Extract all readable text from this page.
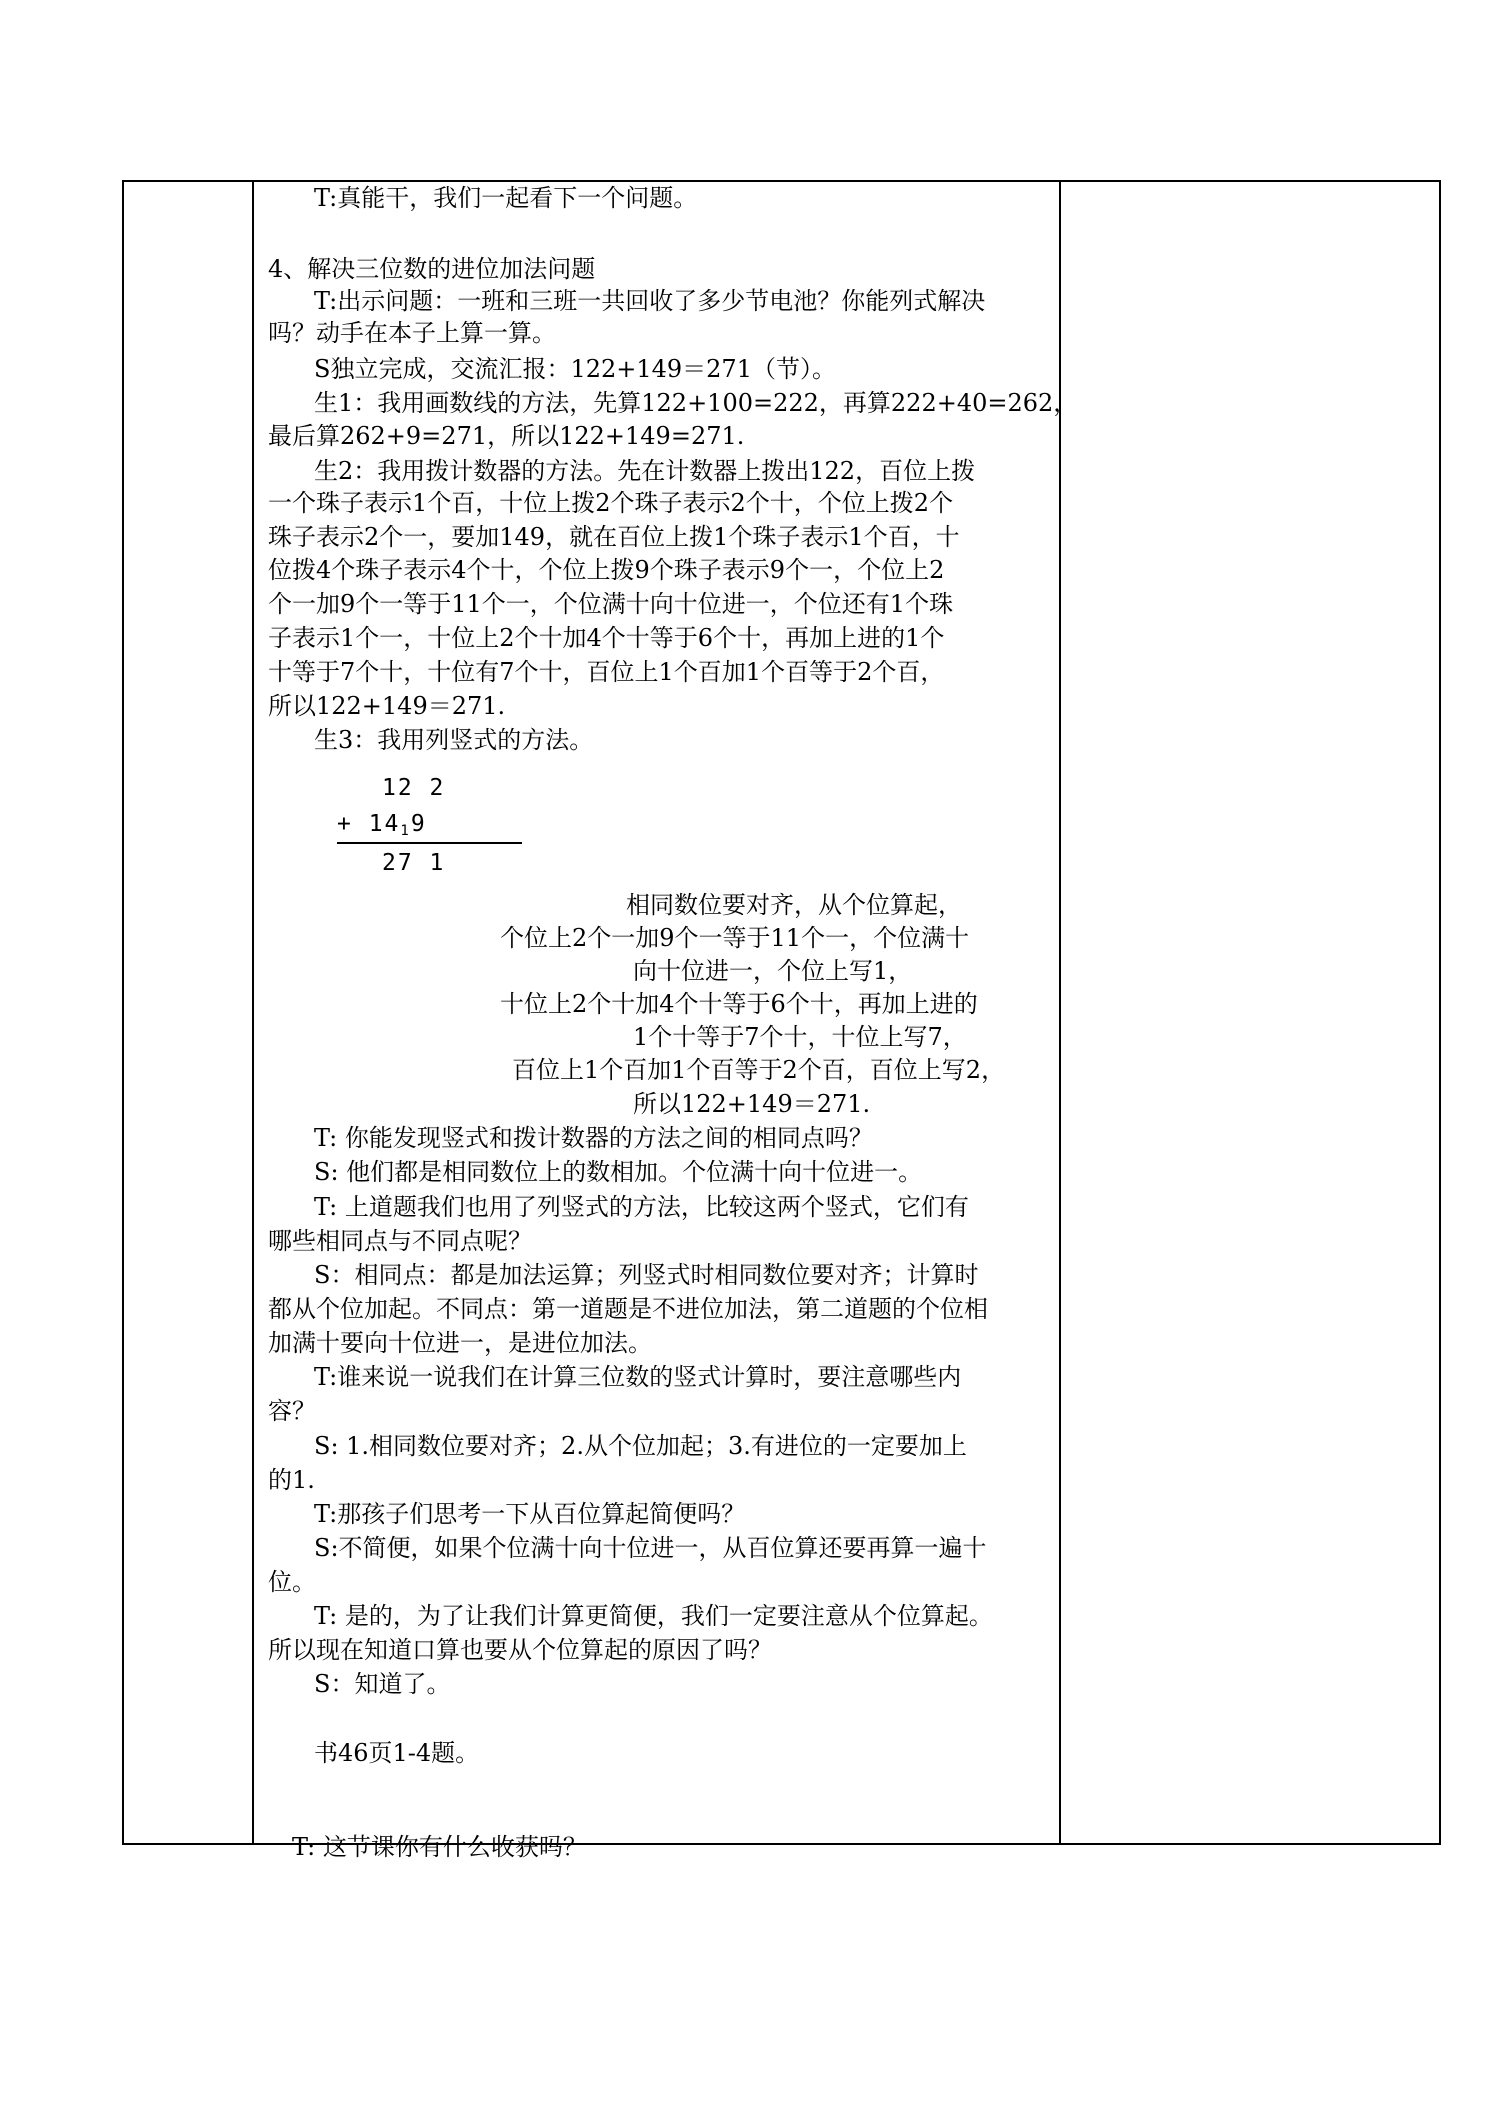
T:真能干，我们一起看下一个问题。
4、解决三位数的进位加法问题
T:出示问题：一班和三班一共回收了多少节电池？你能列式解决
吗？动手在本子上算一算。
S独立完成，交流汇报：122+149＝271（节）。
生1：我用画数线的方法，先算122+100=222，再算222+40=262，
最后算262+9=271，所以122+149=271.
生2：我用拨计数器的方法。先在计数器上拨出122，百位上拨
一个珠子表示1个百，十位上拨2个珠子表示2个十，个位上拨2个
珠子表示2个一，要加149，就在百位上拨1个珠子表示1个百，十
位拨4个珠子表示4个十，个位上拨9个珠子表示9个一，个位上2
个一加9个一等于11个一，个位满十向十位进一，个位还有1个珠
子表示1个一，十位上2个十加4个十等于6个十，再加上进的1个
十等于7个十，十位有7个十，百位上1个百加1个百等于2个百，
所以122+149＝271.
生3：我用列竖式的方法。
12 2
+ $14_19$
27 1
相同数位要对齐，从个位算起，
个位上2个一加9个一等于11个一，个位满十
向十位进一，个位上写1，
十位上2个十加4个十等于6个十，再加上进的
1个十等于7个十，十位上写7，
百位上1个百加1个百等于2个百，百位上写2，
所以122+149＝271.
T: 你能发现竖式和拨计数器的方法之间的相同点吗？
S: 他们都是相同数位上的数相加。个位满十向十位进一。
T: 上道题我们也用了列竖式的方法，比较这两个竖式，它们有
哪些相同点与不同点呢？
S：相同点：都是加法运算；列竖式时相同数位要对齐；计算时
都从个位加起。不同点：第一道题是不进位加法，第二道题的个位相
加满十要向十位进一，是进位加法。
T:谁来说一说我们在计算三位数的竖式计算时，要注意哪些内
容？
S: 1.相同数位要对齐；2.从个位加起；3.有进位的一定要加上
的1.
T:那孩子们思考一下从百位算起简便吗？
S:不简便，如果个位满十向十位进一，从百位算还要再算一遍十
位。
T: 是的，为了让我们计算更简便，我们一定要注意从个位算起。
所以现在知道口算也要从个位算起的原因了吗？
S：知道了。
书46页1-4题。
T: 这节课你有什么收获吗？
